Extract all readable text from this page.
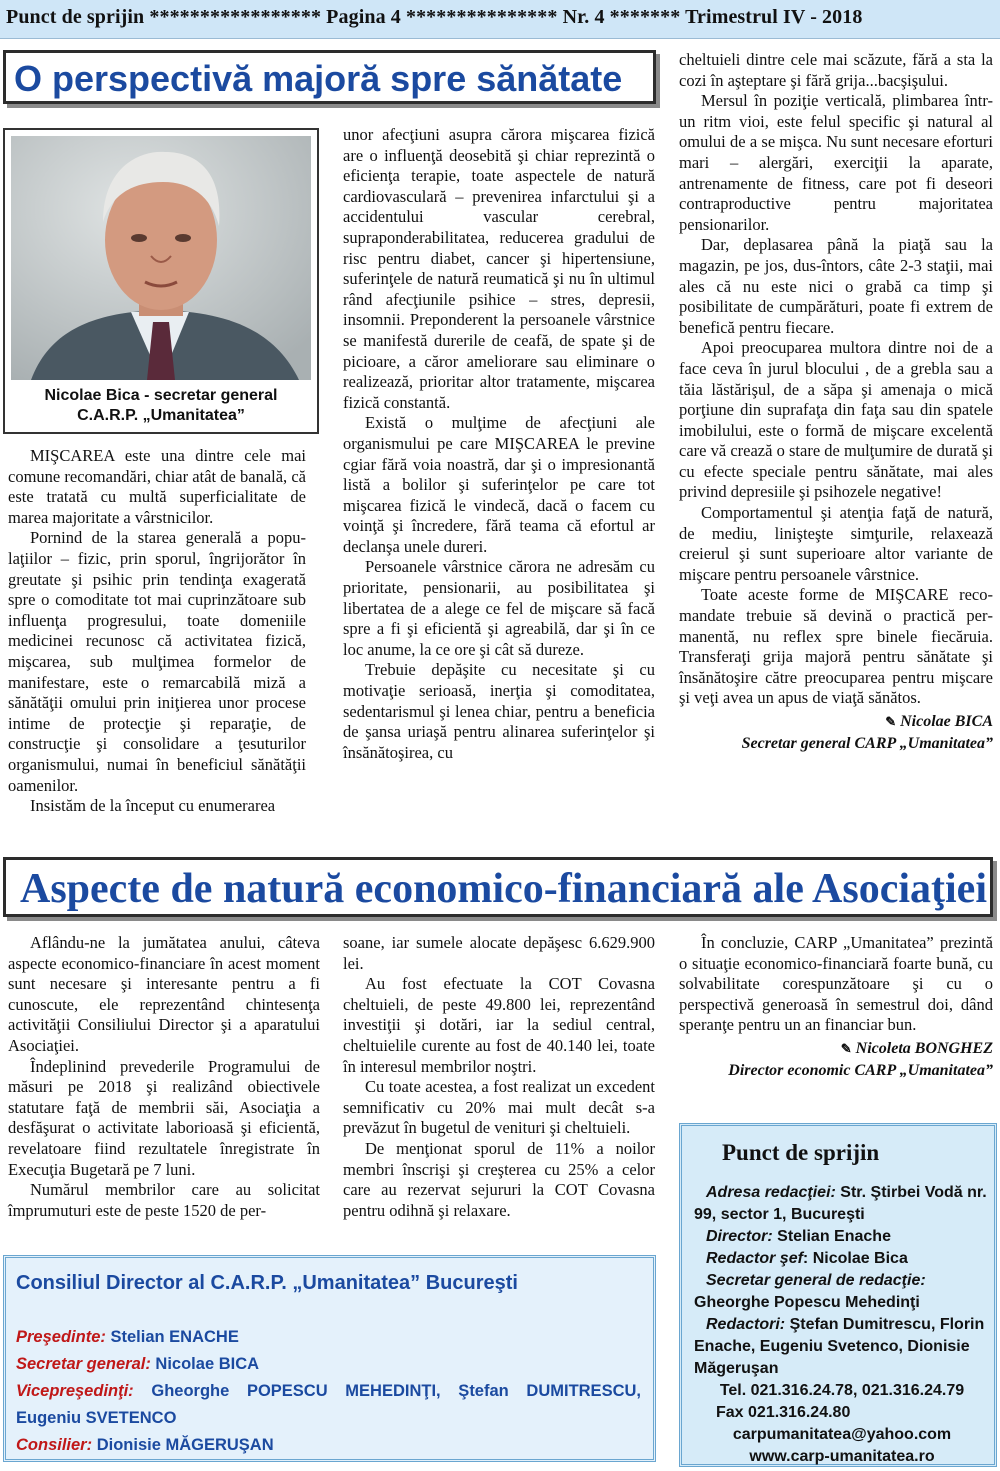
Punct de sprijin ***************** Pagina 4 *************** Nr. 4 ******* Trimestrul IV - 2018
O perspectivă majoră spre sănătate
Nicolae Bica - secretar general
C.A.R.P. „Umanitatea”

MIŞCAREA este una dintre cele mai comune recomandări, chiar atât de banală, că este tratată cu multă superficialitate de marea majoritate a vârstnicilor.

Pornind de la starea generală a populaţiilor – fizic, prin sporul, îngrijorător în greutate şi psihic prin tendinţa exagerată spre o comoditate tot mai cuprinzătoare sub influenţa progresului, toate domeniile medicinei recunosc că activitatea fizică, mişcarea, sub mulţimea formelor de manifestare, este o remarcabilă miză a sănătăţii omului prin iniţierea unor procese intime de protecţie şi reparaţie, de construcţie şi consolidare a ţesuturilor organismului, numai în beneficiul sănătăţii oamenilor.

Insistăm de la început cu enumerarea

unor afecţiuni asupra cărora mişcarea fizică are o influenţă deosebită şi chiar reprezintă o eficienţa terapie, toate aspectele de natură cardiovasculară – prevenirea infarctului şi a accidentului vascular cerebral, supraponderabilitatea, reducerea gradului de risc pentru diabet, cancer şi hipertensiune, suferinţele de natură reumatică şi nu în ultimul rând afecţiunile psihice – stres, depresii, insomnii. Preponderent la persoanele vârstnice se manifestă durerile de ceafă, de spate şi de picioare, a căror ameliorare sau eliminare o realizează, prioritar altor tratamente, mişcarea fizică constantă.

Există o mulţime de afecţiuni ale organismului pe care MIŞCAREA le previne cgiar fără voia noastră, dar şi o impresionantă listă a bolilor şi suferinţelor pe care tot mişcarea fizică le vindecă, dacă o facem cu voinţă şi încredere, fără teama că efortul ar declanşa unele dureri.

Persoanele vârstnice cărora ne adresăm cu prioritate, pensionarii, au posibilitatea şi libertatea de a alege ce fel de mişcare să facă spre a fi şi eficientă şi agreabilă, dar şi în ce loc anume, la ce ore şi cât să dureze.

Trebuie depăşite cu necesitate şi cu motivaţie serioasă, inerţia şi comoditatea, sedentarismul şi lenea chiar, pentru a beneficia de şansa uriaşă pentru alinarea suferinţelor şi însănătoşirea, cu

cheltuieli dintre cele mai scăzute, fără a sta la cozi în aşteptare şi fără grija...bacşişului.

Mersul în poziţie verticală, plimbarea într-un ritm vioi, este felul specific şi natural al omului de a se mişca. Nu sunt necesare eforturi mari – alergări, exerciţii la aparate, antrenamente de fitness, care pot fi deseori contraproductive pentru majoritatea pensionarilor.

Dar, deplasarea până la piaţă sau la magazin, pe jos, dus-întors, câte 2-3 staţii, mai ales că nu este nici o grabă ca timp şi posibilitate de cumpărături, poate fi extrem de benefică pentru fiecare.

Apoi preocuparea multora dintre noi de a face ceva în jurul blocului , de a grebla sau a tăia lăstărişul, de a săpa şi amenaja o mică porţiune din suprafaţa din faţa sau din spatele imobilului, este o formă de mişcare excelentă care vă crează o stare de mulţumire de durată şi cu efecte speciale pentru sănătate, mai ales privind depresiile şi psihozele negative!

Comportamentul şi atenţia faţă de natură, de mediu, linişteşte simţurile, relaxează creierul şi sunt superioare altor variante de mişcare pentru persoanele vârstnice.

Toate aceste forme de MIŞCARE recomandate trebuie să devină o practică permanentă, nu reflex spre binele fiecăruia. Transferaţi grija majoră pentru sănătate şi însănătoşire către preocuparea pentru mişcare şi veţi avea un apus de viaţă sănătos.

✎ Nicolae BICA
Secretar general CARP „Umanitatea”
Aspecte de natură economico-financiară ale Asociaţiei

Aflându-ne la jumătatea anului, câteva aspecte economico-financiare în acest moment sunt necesare şi interesante pentru a fi cunoscute, ele reprezentând chintesenţa activităţii Consiliului Director şi a aparatului Asociaţiei.

Îndeplinind prevederile Programului de măsuri pe 2018 şi realizând obiectivele statutare faţă de membrii săi, Asociaţia a desfăşurat o activitate laborioasă şi eficientă, revelatoare fiind rezultatele înregistrate în Execuţia Bugetară pe 7 luni.

Numărul membrilor care au solicitat împrumuturi este de peste 1520 de per-

soane, iar sumele alocate depăşesc 6.629.900 lei.

Au fost efectuate la COT Covasna cheltuieli, de peste 49.800 lei, reprezentând investiţii şi dotări, iar la sediul central, cheltuielile curente au fost de 40.140 lei, toate în interesul membrilor noştri.

Cu toate acestea, a fost realizat un excedent semnificativ cu 20% mai mult decât s-a prevăzut în bugetul de venituri şi cheltuieli.

De menţionat sporul de 11% a noilor membri înscrişi şi creşterea cu 25% a celor care au rezervat sejururi la COT Covasna pentru odihnă şi relaxare.

În concluzie, CARP „Umanitatea” prezintă o situaţie economico-financiară foarte bună, cu solvabilitate corespunzătoare şi cu o perspectivă generoasă în semestrul doi, dând speranţe pentru un an financiar bun.

✎ Nicoleta BONGHEZ
Director economic CARP „Umanitatea”
Consiliul Director al C.A.R.P. „Umanitatea” Bucureşti
Preşedinte: Stelian ENACHE
Secretar general: Nicolae BICA
Vicepreşedinţi: Gheorghe POPESCU MEHEDINŢI, Ştefan DUMITRESCU, Eugeniu SVETENCO
Consilier: Dionisie MĂGERUŞAN
Punct de sprijin
Adresa redacţiei: Str. Ştirbei Vodă nr. 99, sector 1, Bucureşti
Director: Stelian Enache
Redactor şef: Nicolae Bica
Secretar general de redacţie: Gheorghe Popescu Mehedinţi
Redactori: Ştefan Dumitrescu, Florin Enache, Eugeniu Svetenco, Dionisie Măgeruşan
Tel. 021.316.24.78, 021.316.24.79
Fax 021.316.24.80
carpumanitatea@yahoo.com
www.carp-umanitatea.ro
